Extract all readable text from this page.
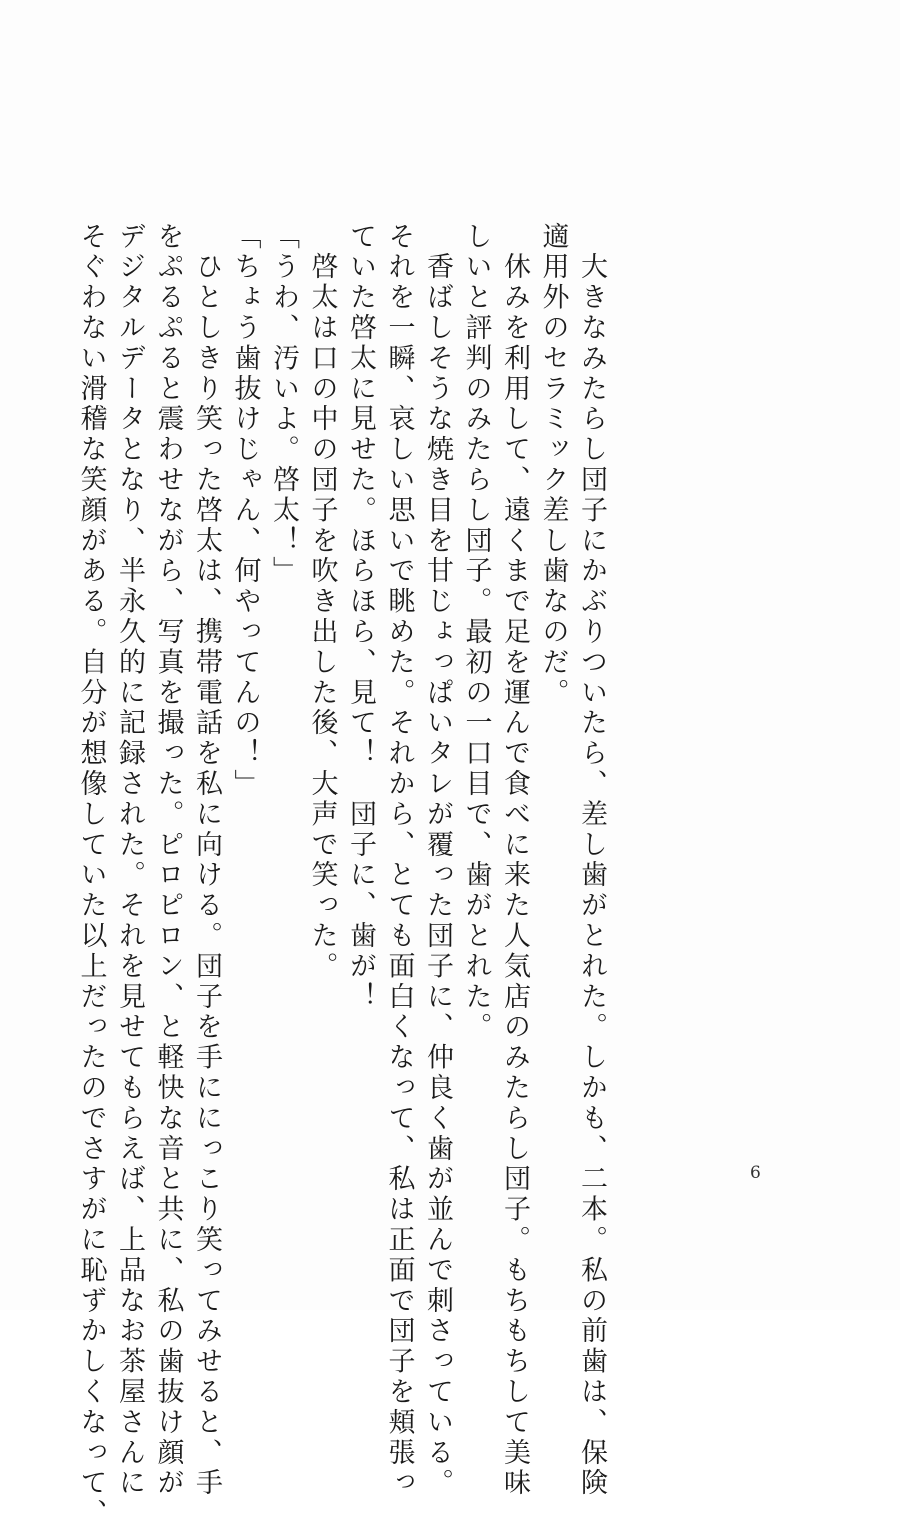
　大きなみたらし団子にかぶりついたら、差し歯がとれた。しかも、二本。私の前歯は、保険

適用外のセラミック差し歯なのだ。

　休みを利用して、遠くまで足を運んで食べに来た人気店のみたらし団子。もちもちして美味

しいと評判のみたらし団子。最初の一口目で、歯がとれた。

　香ばしそうな焼き目を甘じょっぱいタレが覆った団子に、仲良く歯が並んで刺さっている。

それを一瞬、哀しい思いで眺めた。それから、とても面白くなって、私は正面で団子を頬張っ

ていた啓太に見せた。ほらほら、見て！　団子に、歯が！

　啓太は口の中の団子を吹き出した後、大声で笑った。

「うわ、汚いよ。啓太！」

「ちょう歯抜けじゃん、何やってんの！」

　ひとしきり笑った啓太は、携帯電話を私に向ける。団子を手ににっこり笑ってみせると、手

をぷるぷると震わせながら、写真を撮った。ピロピロン、と軽快な音と共に、私の歯抜け顔が

デジタルデータとなり、半永久的に記録された。それを見せてもらえば、上品なお茶屋さんに

そぐわない滑稽な笑顔がある。自分が想像していた以上だったのでさすがに恥ずかしくなって、	6
